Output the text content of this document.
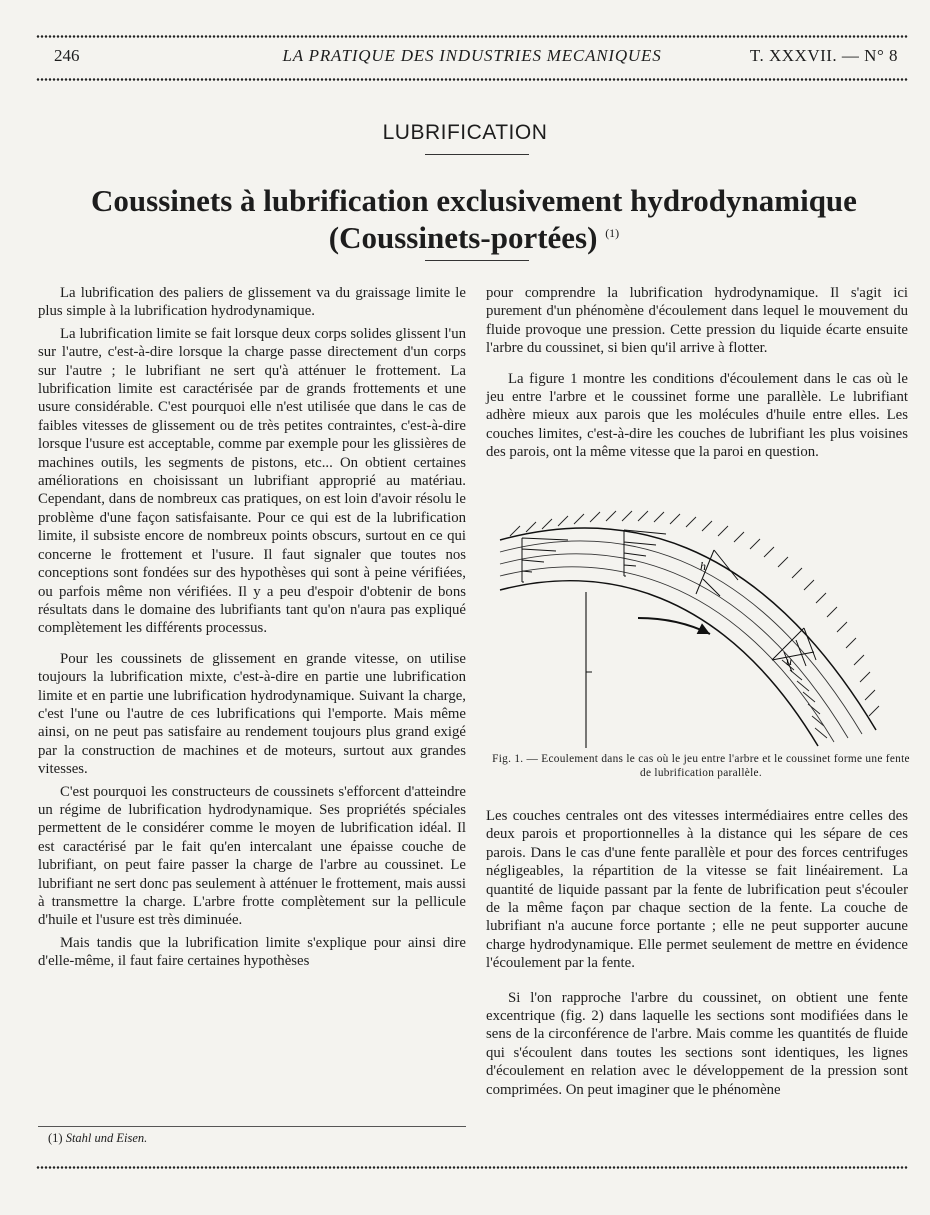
246	LA PRATIQUE DES INDUSTRIES MECANIQUES	T. XXXVII. — N° 8
LUBRIFICATION
Coussinets à lubrification exclusivement hydrodynamique
(Coussinets-portées) $^{(1)}$

La lubrification des paliers de glissement va du graissage limite le plus simple à la lubrification hydrodynamique.

La lubrification limite se fait lorsque deux corps solides glissent l'un sur l'autre, c'est-à-dire lorsque la charge passe directement d'un corps sur l'autre ; le lubrifiant ne sert qu'à atténuer le frottement. La lubrification limite est caractérisée par de grands frottements et une usure considérable. C'est pourquoi elle n'est utilisée que dans le cas de faibles vitesses de glissement ou de très petites contraintes, c'est-à-dire lorsque l'usure est acceptable, comme par exemple pour les glissières de machines outils, les segments de pistons, etc... On obtient certaines améliorations en choisissant un lubrifiant approprié au matériau. Cependant, dans de nombreux cas pratiques, on est loin d'avoir résolu le problème d'une façon satisfaisante. Pour ce qui est de la lubrification limite, il subsiste encore de nombreux points obscurs, surtout en ce qui concerne le frottement et l'usure. Il faut signaler que toutes nos conceptions sont fondées sur des hypothèses qui sont à peine vérifiées, ou parfois même non vérifiées. Il y a peu d'espoir d'obtenir de bons résultats dans le domaine des lubrifiants tant qu'on n'aura pas expliqué complètement les différents processus.

Pour les coussinets de glissement en grande vitesse, on utilise toujours la lubrification mixte, c'est-à-dire en partie une lubrification limite et en partie une lubrification hydrodynamique. Suivant la charge, c'est l'une ou l'autre de ces lubrifications qui l'emporte. Mais même ainsi, on ne peut pas satisfaire au rendement toujours plus grand exigé par la construction de machines et de moteurs, surtout aux grandes vitesses.

C'est pourquoi les constructeurs de coussinets s'efforcent d'atteindre un régime de lubrification hydrodynamique. Ses propriétés spéciales permettent de le considérer comme le moyen de lubrification idéal. Il est caractérisé par le fait qu'en intercalant une épaisse couche de lubrifiant, on peut faire passer la charge de l'arbre au coussinet. Le lubrifiant ne sert donc pas seulement à atténuer le frottement, mais aussi à transmettre la charge. L'arbre frotte complètement sur la pellicule d'huile et l'usure est très diminuée.

Mais tandis que la lubrification limite s'explique pour ainsi dire d'elle-même, il faut faire certaines hypothèses

pour comprendre la lubrification hydrodynamique. Il s'agit ici purement d'un phénomène d'écoulement dans lequel le mouvement du fluide provoque une pression. Cette pression du liquide écarte ensuite l'arbre du coussinet, si bien qu'il arrive à flotter.

La figure 1 montre les conditions d'écoulement dans le cas où le jeu entre l'arbre et le coussinet forme une parallèle. Le lubrifiant adhère mieux aux parois que les molécules d'huile entre elles. Les couches limites, c'est-à-dire les couches de lubrifiant les plus voisines des parois, ont la même vitesse que la paroi en question.

h
u
Fig. 1. — Ecoulement dans le cas où le jeu entre l'arbre et le coussinet forme une fente de lubrification parallèle.

Les couches centrales ont des vitesses intermédiaires entre celles des deux parois et proportionnelles à la distance qui les sépare de ces parois. Dans le cas d'une fente parallèle et pour des forces centrifuges négligeables, la répartition de la vitesse se fait linéairement. La quantité de liquide passant par la fente de lubrification peut s'écouler de la même façon par chaque section de la fente. La couche de lubrifiant n'a aucune force portante ; elle ne peut supporter aucune charge hydrodynamique. Elle permet seulement de mettre en évidence l'écoulement par la fente.

Si l'on rapproche l'arbre du coussinet, on obtient une fente excentrique (fig. 2) dans laquelle les sections sont modifiées dans le sens de la circonférence de l'arbre. Mais comme les quantités de fluide qui s'écoulent dans toutes les sections sont identiques, les lignes d'écoulement en relation avec le développement de la pression sont comprimées. On peut imaginer que le phénomène

(1) Stahl und Eisen.
